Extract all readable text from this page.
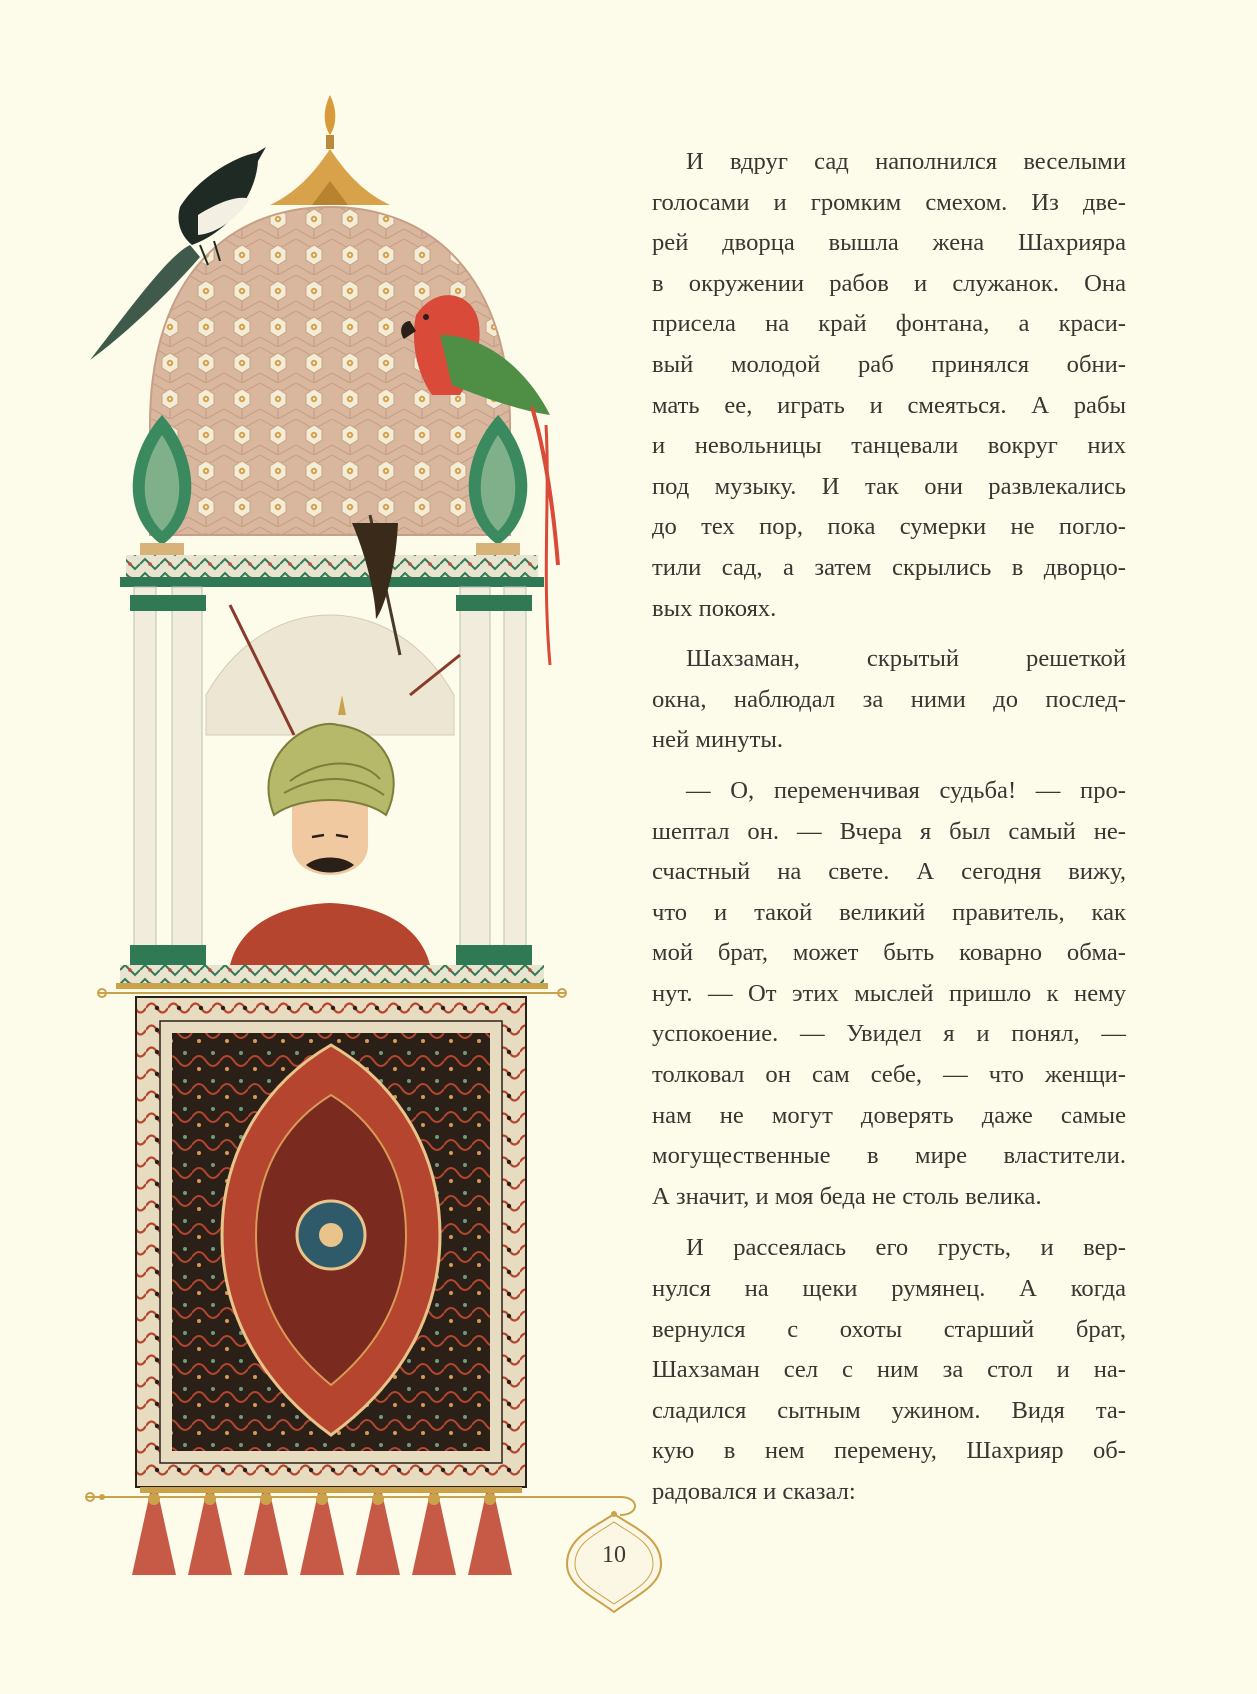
И вдруг сад наполнился веселыми
голосами и громким смехом. Из две-
рей дворца вышла жена Шахрияра
в окружении рабов и служанок. Она
присела на край фонтана, а краси-
вый молодой раб принялся обни-
мать ее, играть и смеяться. А рабы
и невольницы танцевали вокруг них
под музыку. И так они развлекались
до тех пор, пока сумерки не погло-
тили сад, а затем скрылись в дворцо-
вых покоях.

Шахзаман, скрытый решеткой
окна, наблюдал за ними до послед-
ней минуты.

— О, переменчивая судьба! — про-
шептал он. — Вчера я был самый не-
счастный на свете. А сегодня вижу,
что и такой великий правитель, как
мой брат, может быть коварно обма-
нут. — От этих мыслей пришло к нему
успокоение. — Увидел я и понял, —
толковал он сам себе, — что женщи-
нам не могут доверять даже самые
могущественные в мире властители.
А значит, и моя беда не столь велика.

И рассеялась его грусть, и вер-
нулся на щеки румянец. А когда
вернулся с охоты старший брат,
Шахзаман сел с ним за стол и на-
сладился сытным ужином. Видя та-
кую в нем перемену, Шахрияр об-
радовался и сказал:

10
